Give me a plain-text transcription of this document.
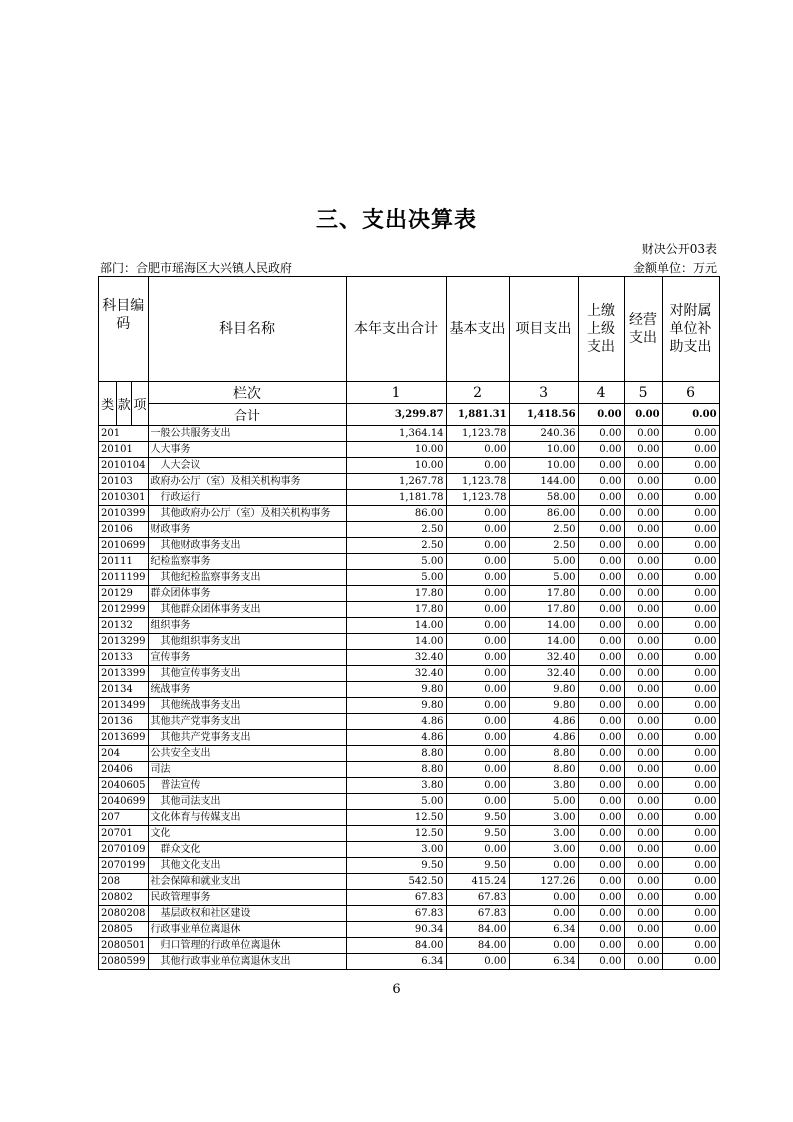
三、支出决算表
财决公开03表
部门：合肥市瑶海区大兴镇人民政府	金额单位：万元
科目编码			科目名称	本年支出合计	基本支出	项目支出	上缴上级支出	经营支出	对附属单位补助支出
类	款	项	栏次	1	2	3	4	5	6
			合计	3,299.87	1,881.31	1,418.56	0.00	0.00	0.00
201			一般公共服务支出	1,364.14	1,123.78	240.36	0.00	0.00	0.00
20101			人大事务	10.00	0.00	10.00	0.00	0.00	0.00
2010104			人大会议	10.00	0.00	10.00	0.00	0.00	0.00
20103			政府办公厅（室）及相关机构事务	1,267.78	1,123.78	144.00	0.00	0.00	0.00
2010301			行政运行	1,181.78	1,123.78	58.00	0.00	0.00	0.00
2010399			其他政府办公厅（室）及相关机构事务	86.00	0.00	86.00	0.00	0.00	0.00
20106			财政事务	2.50	0.00	2.50	0.00	0.00	0.00
2010699			其他财政事务支出	2.50	0.00	2.50	0.00	0.00	0.00
20111			纪检监察事务	5.00	0.00	5.00	0.00	0.00	0.00
2011199			其他纪检监察事务支出	5.00	0.00	5.00	0.00	0.00	0.00
20129			群众团体事务	17.80	0.00	17.80	0.00	0.00	0.00
2012999			其他群众团体事务支出	17.80	0.00	17.80	0.00	0.00	0.00
20132			组织事务	14.00	0.00	14.00	0.00	0.00	0.00
2013299			其他组织事务支出	14.00	0.00	14.00	0.00	0.00	0.00
20133			宣传事务	32.40	0.00	32.40	0.00	0.00	0.00
2013399			其他宣传事务支出	32.40	0.00	32.40	0.00	0.00	0.00
20134			统战事务	9.80	0.00	9.80	0.00	0.00	0.00
2013499			其他统战事务支出	9.80	0.00	9.80	0.00	0.00	0.00
20136			其他共产党事务支出	4.86	0.00	4.86	0.00	0.00	0.00
2013699			其他共产党事务支出	4.86	0.00	4.86	0.00	0.00	0.00
204			公共安全支出	8.80	0.00	8.80	0.00	0.00	0.00
20406			司法	8.80	0.00	8.80	0.00	0.00	0.00
2040605			普法宣传	3.80	0.00	3.80	0.00	0.00	0.00
2040699			其他司法支出	5.00	0.00	5.00	0.00	0.00	0.00
207			文化体育与传媒支出	12.50	9.50	3.00	0.00	0.00	0.00
20701			文化	12.50	9.50	3.00	0.00	0.00	0.00
2070109			群众文化	3.00	0.00	3.00	0.00	0.00	0.00
2070199			其他文化支出	9.50	9.50	0.00	0.00	0.00	0.00
208			社会保障和就业支出	542.50	415.24	127.26	0.00	0.00	0.00
20802			民政管理事务	67.83	67.83	0.00	0.00	0.00	0.00
2080208			基层政权和社区建设	67.83	67.83	0.00	0.00	0.00	0.00
20805			行政事业单位离退休	90.34	84.00	6.34	0.00	0.00	0.00
2080501			归口管理的行政单位离退休	84.00	84.00	0.00	0.00	0.00	0.00
2080599			其他行政事业单位离退休支出	6.34	0.00	6.34	0.00	0.00	0.00
6
